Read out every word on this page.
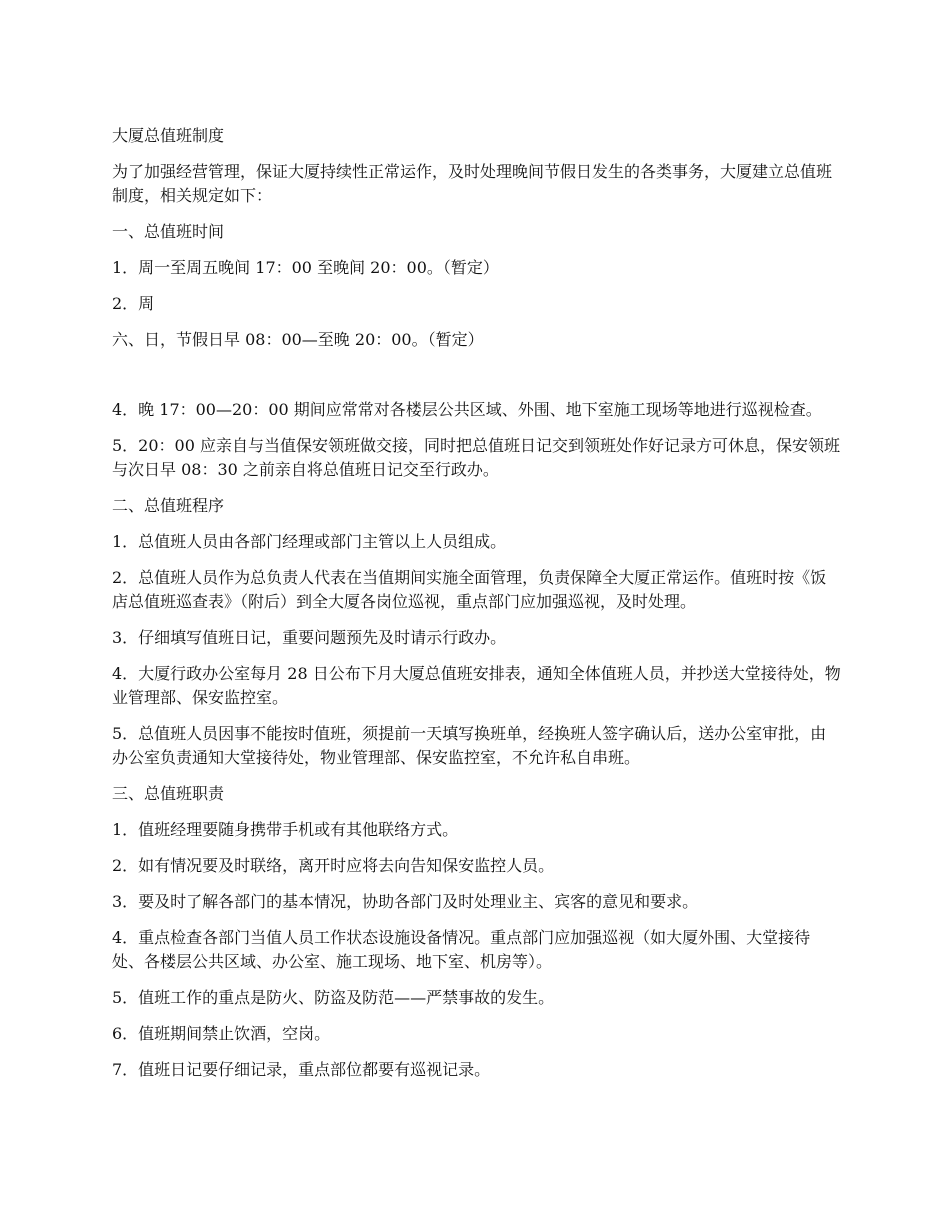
大厦总值班制度

为了加强经营管理，保证大厦持续性正常运作，及时处理晚间节假日发生的各类事务，大厦建立总值班制度，相关规定如下：

一、总值班时间

1．周一至周五晚间 17：00 至晚间 20：00。（暂定）

2．周

六、日，节假日早 08：00—至晚 20：00。（暂定）

4．晚 17：00—20：00 期间应常常对各楼层公共区域、外围、地下室施工现场等地进行巡视检查。

5．20：00 应亲自与当值保安领班做交接，同时把总值班日记交到领班处作好记录方可休息，保安领班与次日早 08：30 之前亲自将总值班日记交至行政办。

二、总值班程序

1．总值班人员由各部门经理或部门主管以上人员组成。

2．总值班人员作为总负责人代表在当值期间实施全面管理，负责保障全大厦正常运作。值班时按《饭店总值班巡查表》（附后）到全大厦各岗位巡视，重点部门应加强巡视，及时处理。

3．仔细填写值班日记，重要问题预先及时请示行政办。

4．大厦行政办公室每月 28 日公布下月大厦总值班安排表，通知全体值班人员，并抄送大堂接待处，物业管理部、保安监控室。

5．总值班人员因事不能按时值班，须提前一天填写换班单，经换班人签字确认后，送办公室审批，由办公室负责通知大堂接待处，物业管理部、保安监控室，不允许私自串班。

三、总值班职责

1．值班经理要随身携带手机或有其他联络方式。

2．如有情况要及时联络，离开时应将去向告知保安监控人员。

3．要及时了解各部门的基本情况，协助各部门及时处理业主、宾客的意见和要求。

4．重点检查各部门当值人员工作状态设施设备情况。重点部门应加强巡视（如大厦外围、大堂接待处、各楼层公共区域、办公室、施工现场、地下室、机房等）。

5．值班工作的重点是防火、防盗及防范——严禁事故的发生。

6．值班期间禁止饮酒，空岗。

7．值班日记要仔细记录，重点部位都要有巡视记录。
